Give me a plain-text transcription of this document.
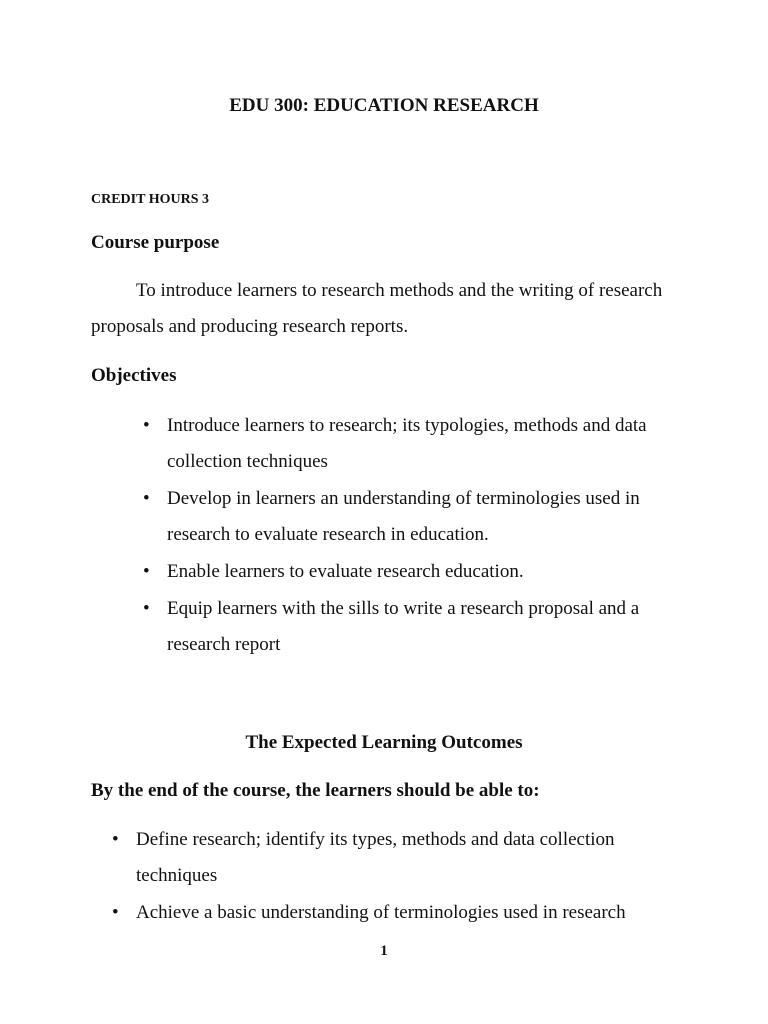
EDU 300: EDUCATION RESEARCH
CREDIT HOURS 3
Course purpose
To introduce learners to research methods and the writing of research proposals and producing research reports.
Objectives
• Introduce learners to research; its typologies, methods and data collection techniques
• Develop in learners an understanding of terminologies used in research to evaluate research in education.
• Enable learners to evaluate research education.
• Equip learners with the sills to write a research proposal and a research report
The Expected Learning Outcomes
By the end of the course, the learners should be able to:
• Define research; identify its types, methods and data collection techniques
• Achieve a basic understanding of terminologies used in research
1
